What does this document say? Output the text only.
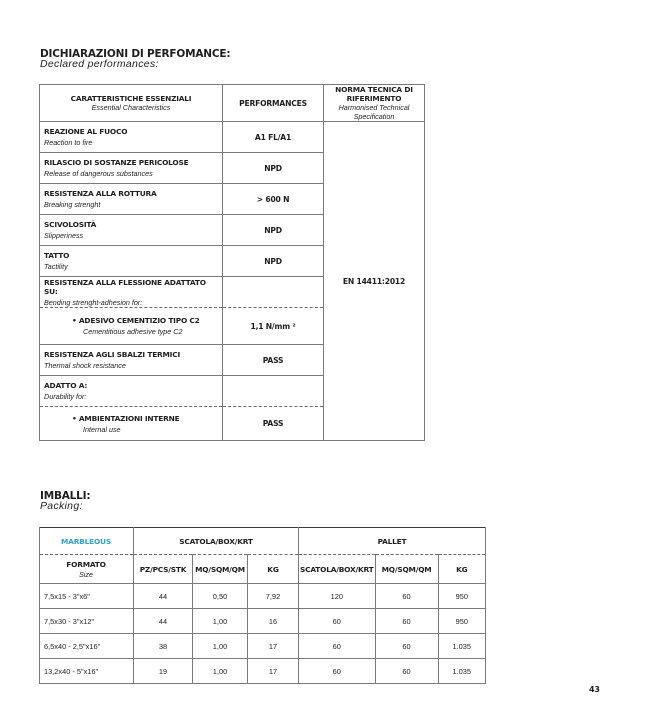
DICHIARAZIONI DI PERFOMANCE:
Declared performances:
CARATTERISTICHE ESSENZIALI
Essential Characteristics	PERFORMANCES	NORMA TECNICA DI RIFERIMENTO
Harmonised Technical Specification

REAZIONE AL FUOCO
Reaction to fire	A1 FL/A1	EN 14411:2012

RILASCIO DI SOSTANZE PERICOLOSE
Release of dangerous substances	NPD	

RESISTENZA ALLA ROTTURA
Breaking strenght	> 600 N	

SCIVOLOSITÀ
Slipperiness	NPD	

TATTO
Tactility	NPD	

RESISTENZA ALLA FLESSIONE ADATTATO SU:
Bending strenght-adhesion for:		

• ADESIVO CEMENTIZIO TIPO C2
Cementitious adhesive type C2	1,1 N/mm ²	

RESISTENZA AGLI SBALZI TERMICI
Thermal shock resistance	PASS	

ADATTO A:
Durability for:		

• AMBIENTAZIONI INTERNE
Internal use	PASS	
IMBALLI:
Packing:
MARBLEOUS	SCATOLA/BOX/KRT			PALLET		

FORMATO
Size	PZ/PCS/STK	MQ/SQM/QM	KG	SCATOLA/BOX/KRT	MQ/SQM/QM	KG
7,5x15 - 3"x6"	44	0,50	7,92	120	60	950
7,5x30 - 3"x12"	44	1,00	16	60	60	950
6,5x40 - 2,5"x16"	38	1,00	17	60	60	1.035
13,2x40 - 5"x16"	19	1,00	17	60	60	1.035
43
